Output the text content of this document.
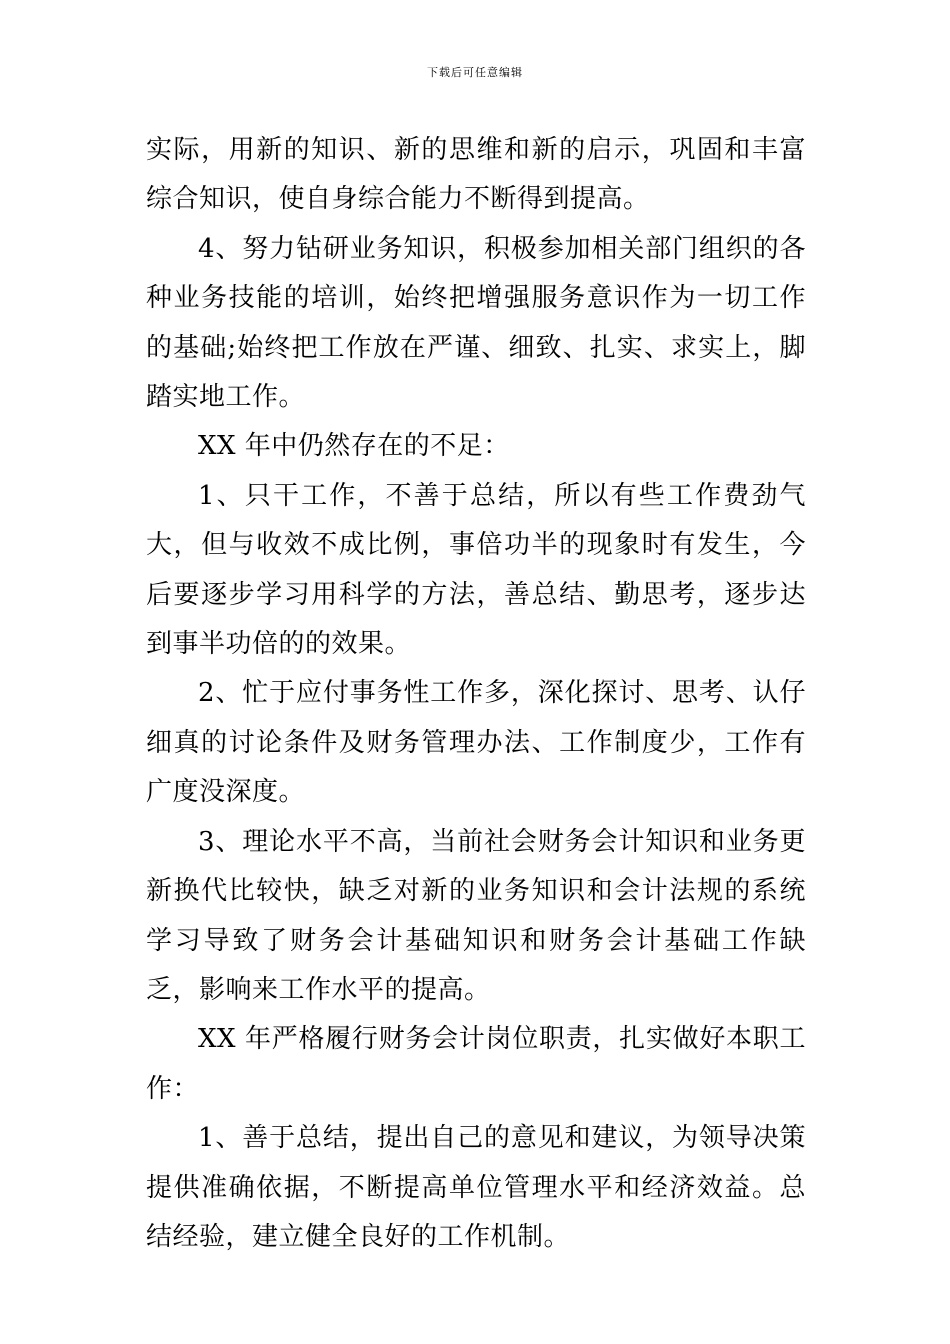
下载后可任意编辑

实际，用新的知识、新的思维和新的启示，巩固和丰富综合知识，使自身综合能力不断得到提高。

4、努力钻研业务知识，积极参加相关部门组织的各种业务技能的培训，始终把增强服务意识作为一切工作的基础;始终把工作放在严谨、细致、扎实、求实上，脚踏实地工作。

XX 年中仍然存在的不足：

1、只干工作，不善于总结，所以有些工作费劲气大，但与收效不成比例，事倍功半的现象时有发生，今后要逐步学习用科学的方法，善总结、勤思考，逐步达到事半功倍的的效果。

2、忙于应付事务性工作多，深化探讨、思考、认仔细真的讨论条件及财务管理办法、工作制度少，工作有广度没深度。

3、理论水平不高，当前社会财务会计知识和业务更新换代比较快，缺乏对新的业务知识和会计法规的系统学习导致了财务会计基础知识和财务会计基础工作缺乏，影响来工作水平的提高。

XX 年严格履行财务会计岗位职责，扎实做好本职工作：

1、善于总结，提出自己的意见和建议，为领导决策提供准确依据，不断提高单位管理水平和经济效益。总结经验，建立健全良好的工作机制。
